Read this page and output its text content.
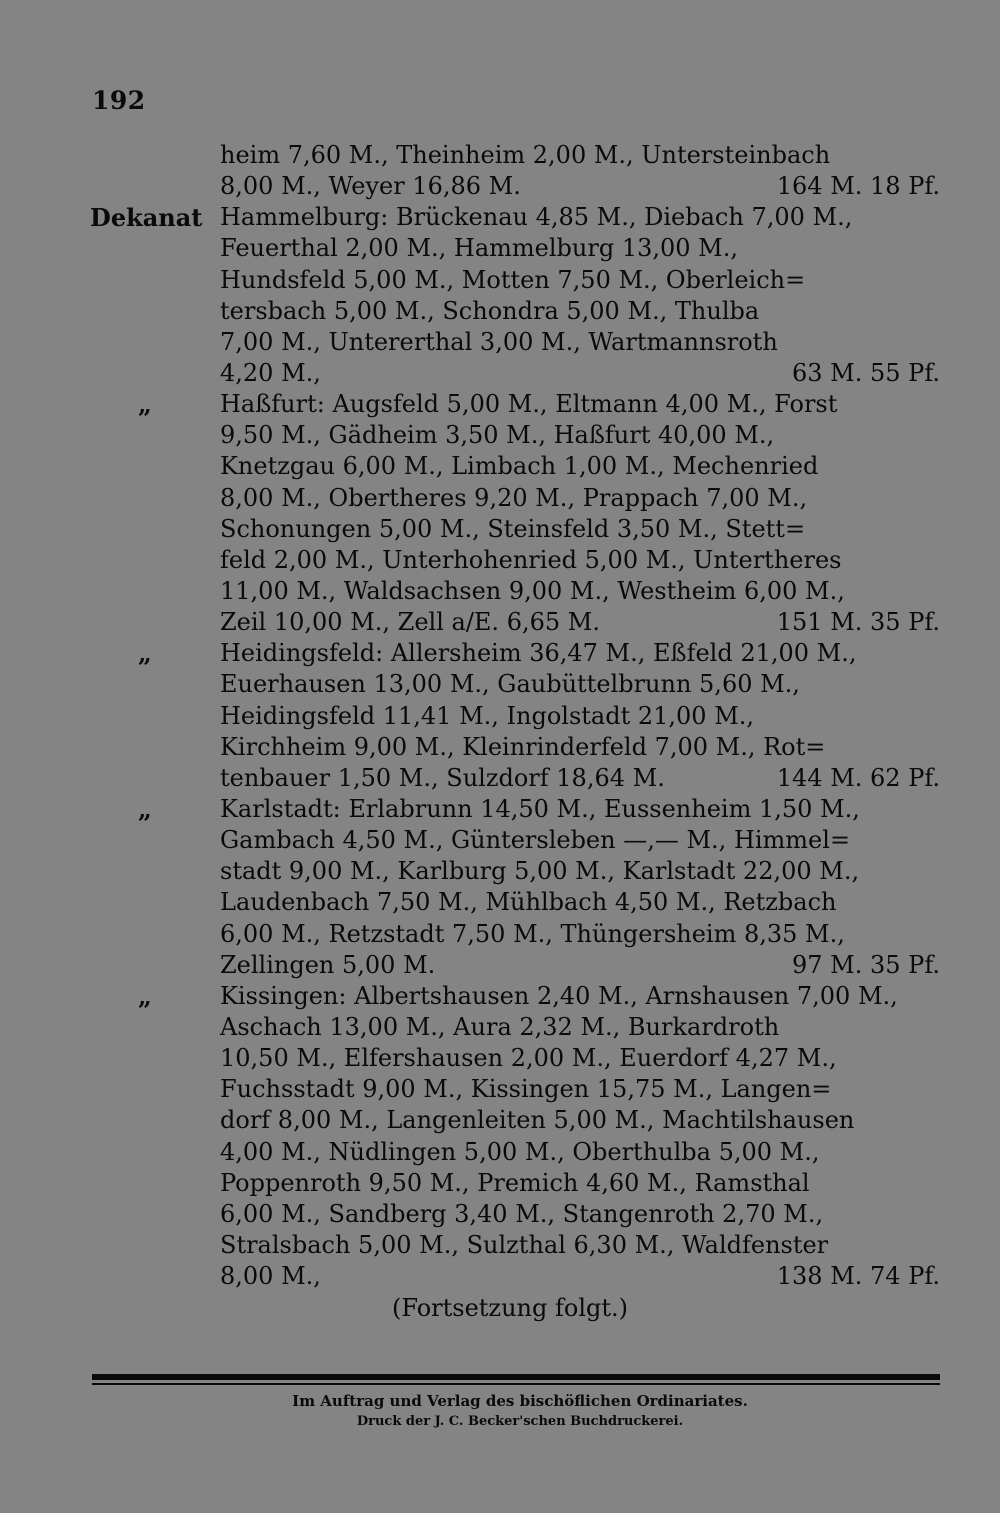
192
heim 7,60 M., Theinheim 2,00 M., Untersteinbach
8,00 M., Weyer 16,86 M.	164 M. 18 Pf.
Dekanat Hammelburg: Brückenau 4,85 M., Diebach 7,00 M.,
Feuerthal 2,00 M., Hammelburg 13,00 M.,
Hundsfeld 5,00 M., Motten 7,50 M., Oberleich=
tersbach 5,00 M., Schondra 5,00 M., Thulba
7,00 M., Untererthal 3,00 M., Wartmannsroth
4,20 M.,	63 M. 55 Pf.
„	Haßfurt: Augsfeld 5,00 M., Eltmann 4,00 M., Forst
9,50 M., Gädheim 3,50 M., Haßfurt 40,00 M.,
Knetzgau 6,00 M., Limbach 1,00 M., Mechenried
8,00 M., Obertheres 9,20 M., Prappach 7,00 M.,
Schonungen 5,00 M., Steinsfeld 3,50 M., Stett=
feld 2,00 M., Unterhohenried 5,00 M., Untertheres
11,00 M., Waldsachsen 9,00 M., Westheim 6,00 M.,
Zeil 10,00 M., Zell a/E. 6,65 M.	151 M. 35 Pf.
„	Heidingsfeld: Allersheim 36,47 M., Eßfeld 21,00 M.,
Euerhausen 13,00 M., Gaubüttelbrunn 5,60 M.,
Heidingsfeld 11,41 M., Ingolstadt 21,00 M.,
Kirchheim 9,00 M., Kleinrinderfeld 7,00 M., Rot=
tenbauer 1,50 M., Sulzdorf 18,64 M.	144 M. 62 Pf.
„	Karlstadt: Erlabrunn 14,50 M., Eussenheim 1,50 M.,
Gambach 4,50 M., Güntersleben —,— M., Himmel=
stadt 9,00 M., Karlburg 5,00 M., Karlstadt 22,00 M.,
Laudenbach 7,50 M., Mühlbach 4,50 M., Retzbach
6,00 M., Retzstadt 7,50 M., Thüngersheim 8,35 M.,
Zellingen 5,00 M.	97 M. 35 Pf.
„	Kissingen: Albertshausen 2,40 M., Arnshausen 7,00 M.,
Aschach 13,00 M., Aura 2,32 M., Burkardroth
10,50 M., Elfershausen 2,00 M., Euerdorf 4,27 M.,
Fuchsstadt 9,00 M., Kissingen 15,75 M., Langen=
dorf 8,00 M., Langenleiten 5,00 M., Machtilshausen
4,00 M., Nüdlingen 5,00 M., Oberthulba 5,00 M.,
Poppenroth 9,50 M., Premich 4,60 M., Ramsthal
6,00 M., Sandberg 3,40 M., Stangenroth 2,70 M.,
Stralsbach 5,00 M., Sulzthal 6,30 M., Waldfenster
8,00 M.,	138 M. 74 Pf.
(Fortsetzung folgt.)
Im Auftrag und Verlag des bischöflichen Ordinariates.
Druck der J. C. Becker'schen Buchdruckerei.
